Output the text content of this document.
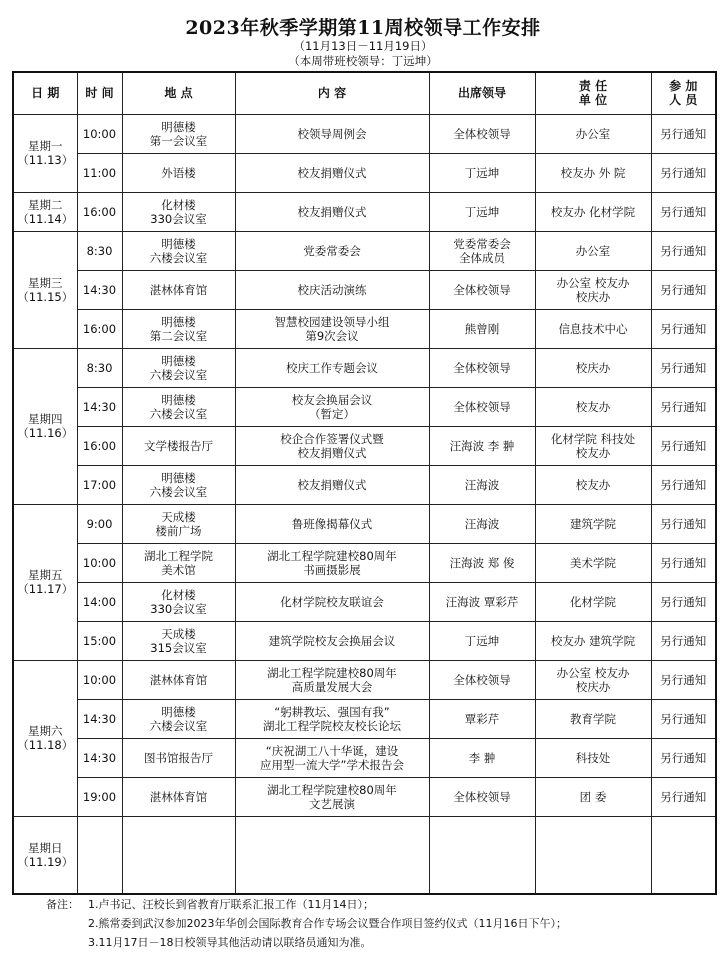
2023年秋季学期第11周校领导工作安排
（11月13日－11月19日）
（本周带班校领导：丁远坤）
日 期	时 间	地 点	内 容	出席领导	责 任
单 位	参 加
人 员
星期一
（11.13）	10:00	明德楼
第一会议室	校领导周例会	全体校领导	办公室	另行通知
	11:00	外语楼	校友捐赠仪式	丁远坤	校友办 外 院	另行通知
星期二
（11.14）	16:00	化材楼
330会议室	校友捐赠仪式	丁远坤	校友办 化材学院	另行通知
星期三
（11.15）	8:30	明德楼
六楼会议室	党委常委会	党委常委会
全体成员	办公室	另行通知
	14:30	湛林体育馆	校庆活动演练	全体校领导	办公室 校友办
校庆办	另行通知
	16:00	明德楼
第二会议室	智慧校园建设领导小组
第9次会议	熊曾刚	信息技术中心	另行通知
星期四
（11.16）	8:30	明德楼
六楼会议室	校庆工作专题会议	全体校领导	校庆办	另行通知
	14:30	明德楼
六楼会议室	校友会换届会议
（暂定）	全体校领导	校友办	另行通知
	16:00	文学楼报告厅	校企合作签署仪式暨
校友捐赠仪式	汪海波 李 翀	化材学院 科技处
校友办	另行通知
	17:00	明德楼
六楼会议室	校友捐赠仪式	汪海波	校友办	另行通知
星期五
（11.17）	9:00	天成楼
楼前广场	鲁班像揭幕仪式	汪海波	建筑学院	另行通知
	10:00	湖北工程学院
美术馆	湖北工程学院建校80周年
书画摄影展	汪海波 郑 俊	美术学院	另行通知
	14:00	化材楼
330会议室	化材学院校友联谊会	汪海波 覃彩芹	化材学院	另行通知
	15:00	天成楼
315会议室	建筑学院校友会换届会议	丁远坤	校友办 建筑学院	另行通知
星期六
（11.18）	10:00	湛林体育馆	湖北工程学院建校80周年
高质量发展大会	全体校领导	办公室 校友办
校庆办	另行通知
	14:30	明德楼
六楼会议室	“躬耕教坛、强国有我”
湖北工程学院校友校长论坛	覃彩芹	教育学院	另行通知
	14:30	图书馆报告厅	“庆祝湖工八十华诞，建设
应用型一流大学”学术报告会	李 翀	科技处	另行通知
	19:00	湛林体育馆	湖北工程学院建校80周年
文艺展演	全体校领导	团 委	另行通知
星期日
（11.19）						
备注： 1.卢书记、汪校长到省教育厅联系汇报工作（11月14日）；
2.熊常委到武汉参加2023年华创会国际教育合作专场会议暨合作项目签约仪式（11月16日下午）；
3.11月17日－18日校领导其他活动请以联络员通知为准。
